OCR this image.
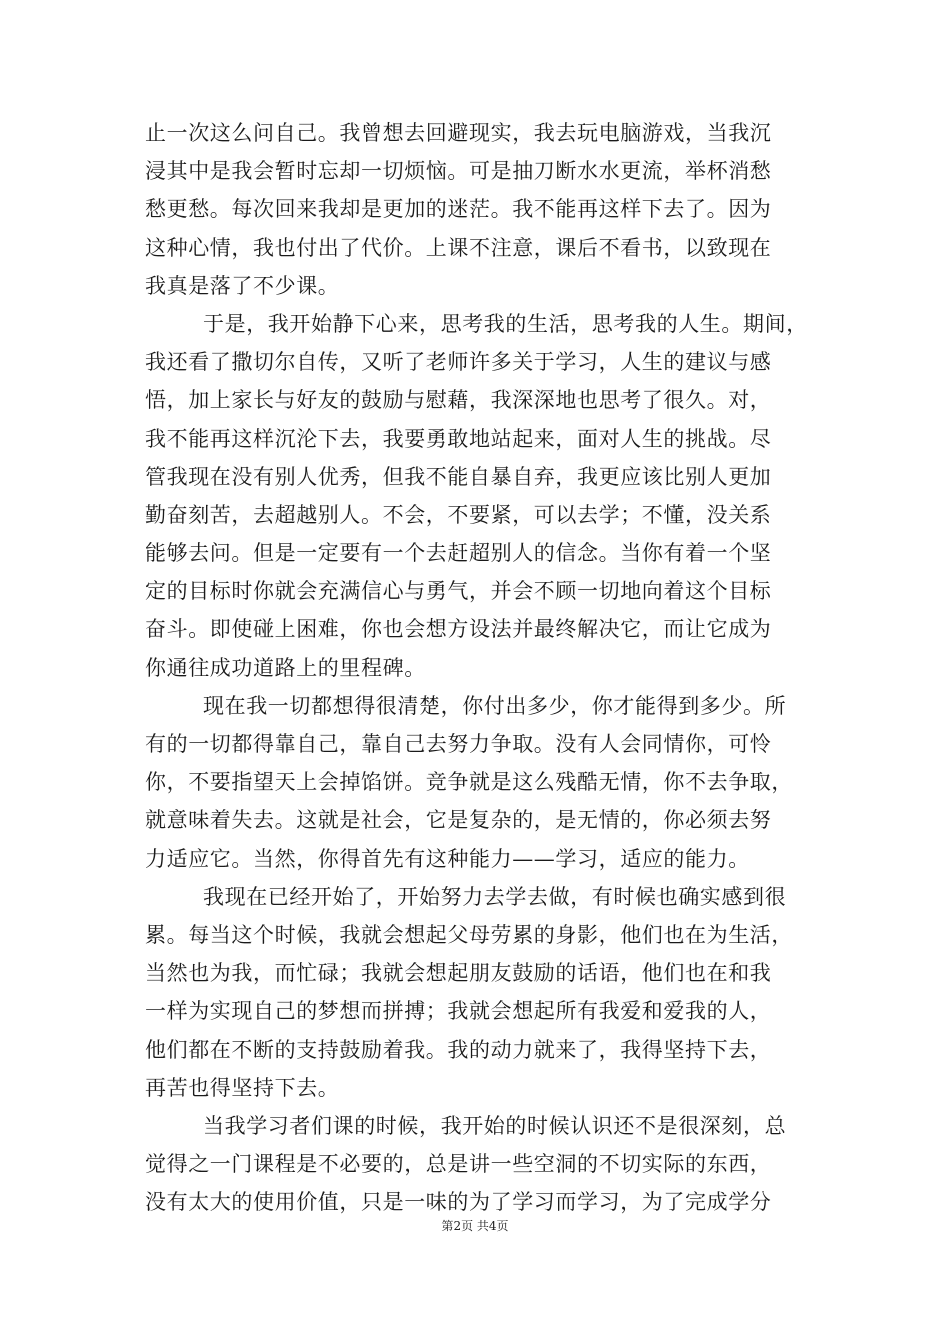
止一次这么问自己。我曾想去回避现实，我去玩电脑游戏，当我沉
浸其中是我会暂时忘却一切烦恼。可是抽刀断水水更流，举杯消愁
愁更愁。每次回来我却是更加的迷茫。我不能再这样下去了。因为
这种心情，我也付出了代价。上课不注意，课后不看书，以致现在
我真是落了不少课。
于是，我开始静下心来，思考我的生活，思考我的人生。期间，
我还看了撒切尔自传，又听了老师许多关于学习，人生的建议与感
悟，加上家长与好友的鼓励与慰藉，我深深地也思考了很久。对，
我不能再这样沉沦下去，我要勇敢地站起来，面对人生的挑战。尽
管我现在没有别人优秀，但我不能自暴自弃，我更应该比别人更加
勤奋刻苦，去超越别人。不会，不要紧，可以去学；不懂，没关系
能够去问。但是一定要有一个去赶超别人的信念。当你有着一个坚
定的目标时你就会充满信心与勇气，并会不顾一切地向着这个目标
奋斗。即使碰上困难，你也会想方设法并最终解决它，而让它成为
你通往成功道路上的里程碑。
现在我一切都想得很清楚，你付出多少，你才能得到多少。所
有的一切都得靠自己，靠自己去努力争取。没有人会同情你，可怜
你，不要指望天上会掉馅饼。竞争就是这么残酷无情，你不去争取，
就意味着失去。这就是社会，它是复杂的，是无情的，你必须去努
力适应它。当然，你得首先有这种能力——学习，适应的能力。
我现在已经开始了，开始努力去学去做，有时候也确实感到很
累。每当这个时候，我就会想起父母劳累的身影，他们也在为生活，
当然也为我，而忙碌；我就会想起朋友鼓励的话语，他们也在和我
一样为实现自己的梦想而拼搏；我就会想起所有我爱和爱我的人，
他们都在不断的支持鼓励着我。我的动力就来了，我得坚持下去，
再苦也得坚持下去。
当我学习者们课的时候，我开始的时候认识还不是很深刻，总
觉得之一门课程是不必要的，总是讲一些空洞的不切实际的东西，
没有太大的使用价值，只是一味的为了学习而学习，为了完成学分
第2页 共4页
